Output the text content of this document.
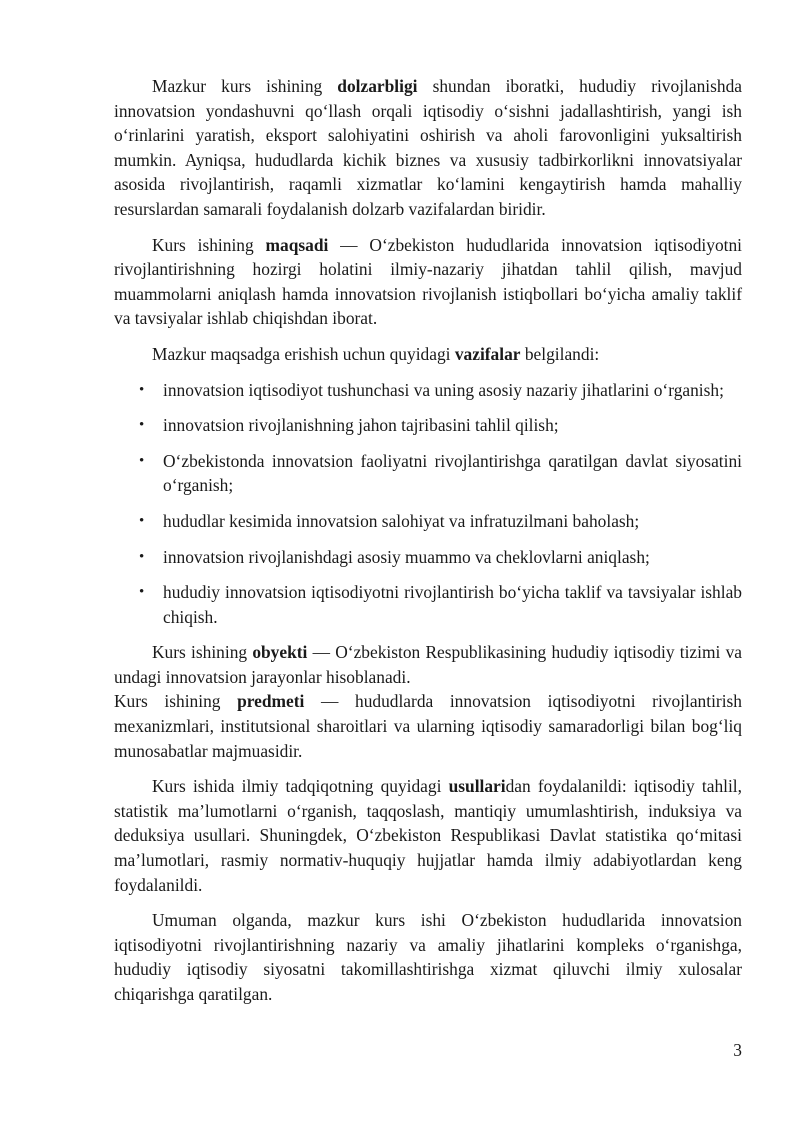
Mazkur kurs ishining dolzarbligi shundan iboratki, hududiy rivojlanishda innovatsion yondashuvni qo‘llash orqali iqtisodiy o‘sishni jadallashtirish, yangi ish o‘rinlarini yaratish, eksport salohiyatini oshirish va aholi farovonligini yuksaltirish mumkin. Ayniqsa, hududlarda kichik biznes va xususiy tadbirkorlikni innovatsiyalar asosida rivojlantirish, raqamli xizmatlar ko‘lamini kengaytirish hamda mahalliy resurslardan samarali foydalanish dolzarb vazifalardan biridir.

Kurs ishining maqsadi — O‘zbekiston hududlarida innovatsion iqtisodiyotni rivojlantirishning hozirgi holatini ilmiy-nazariy jihatdan tahlil qilish, mavjud muammolarni aniqlash hamda innovatsion rivojlanish istiqbollari bo‘yicha amaliy taklif va tavsiyalar ishlab chiqishdan iborat.

Mazkur maqsadga erishish uchun quyidagi vazifalar belgilandi:

• innovatsion iqtisodiyot tushunchasi va uning asosiy nazariy jihatlarini o‘rganish;
• innovatsion rivojlanishning jahon tajribasini tahlil qilish;
• O‘zbekistonda innovatsion faoliyatni rivojlantirishga qaratilgan davlat siyosatini o‘rganish;
• hududlar kesimida innovatsion salohiyat va infratuzilmani baholash;
• innovatsion rivojlanishdagi asosiy muammo va cheklovlarni aniqlash;
• hududiy innovatsion iqtisodiyotni rivojlantirish bo‘yicha taklif va tavsiyalar ishlab chiqish.

Kurs ishining obyekti — O‘zbekiston Respublikasining hududiy iqtisodiy tizimi va undagi innovatsion jarayonlar hisoblanadi.
Kurs ishining predmeti — hududlarda innovatsion iqtisodiyotni rivojlantirish mexanizmlari, institutsional sharoitlari va ularning iqtisodiy samaradorligi bilan bog‘liq munosabatlar majmuasidir.

Kurs ishida ilmiy tadqiqotning quyidagi usullaridan foydalanildi: iqtisodiy tahlil, statistik ma’lumotlarni o‘rganish, taqqoslash, mantiqiy umumlashtirish, induksiya va deduksiya usullari. Shuningdek, O‘zbekiston Respublikasi Davlat statistika qo‘mitasi ma’lumotlari, rasmiy normativ-huquqiy hujjatlar hamda ilmiy adabiyotlardan keng foydalanildi.

Umuman olganda, mazkur kurs ishi O‘zbekiston hududlarida innovatsion iqtisodiyotni rivojlantirishning nazariy va amaliy jihatlarini kompleks o‘rganishga, hududiy iqtisodiy siyosatni takomillashtirishga xizmat qiluvchi ilmiy xulosalar chiqarishga qaratilgan.

3
